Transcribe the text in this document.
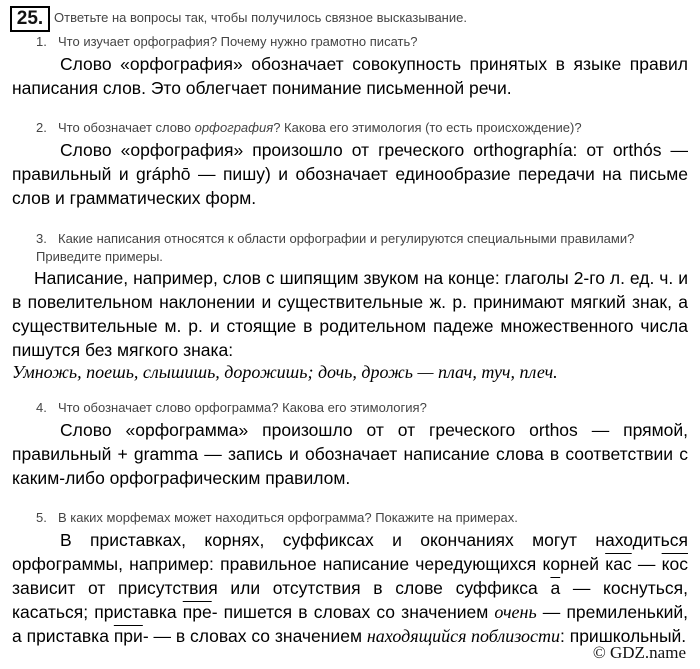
25. Ответьте на вопросы так, чтобы получилось связное высказывание.
1. Что изучает орфография? Почему нужно грамотно писать?
Слово «орфография» обозначает совокупность принятых в языке правил написания слов. Это облегчает понимание письменной речи.
2. Что обозначает слово орфография? Какова его этимология (то есть происхождение)?
Слово «орфография» произошло от греческого orthographía: от orthós — правильный и gráphō — пишу) и обозначает единообразие передачи на письме слов и грамматических форм.
3. Какие написания относятся к области орфографии и регулируются специальными правилами? Приведите примеры.
Написание, например, слов с шипящим звуком на конце: глаголы 2-го л. ед. ч. и в повелительном наклонении и существительные ж. р. принимают мягкий знак, а существительные м. р. и стоящие в родительном падеже множественного числа пишутся без мягкого знака:
Умножь, поешь, слышишь, дорожишь; дочь, дрожь — плач, туч, плеч.
4. Что обозначает слово орфограмма? Какова его этимология?
Слово «орфограмма» произошло от от греческого orthos — прямой, правильный + gramma — запись и обозначает написание слова в соответствии с каким-либо орфографическим правилом.
5. В каких морфемах может находиться орфограмма? Покажите на примерах.
В приставках, корнях, суффиксах и окончаниях могут находиться орфограммы, например: правильное написание чередующихся корней кас — кос зависит от присутствия или отсутствия в слове суффикса а — коснуться, касаться; приставка пре- пишется в словах со значением очень — премиленький, а приставка при- — в словах со значением находящийся поблизости: пришкольный.
© GDZ.name
